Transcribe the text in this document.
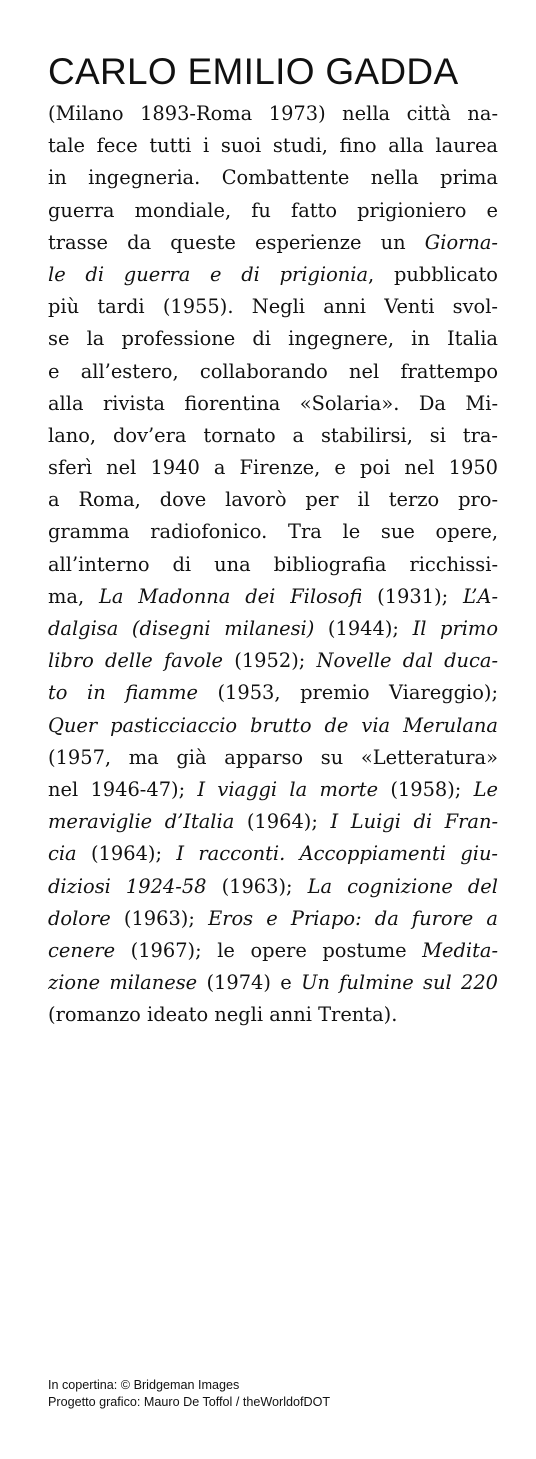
CARLO EMILIO GADDA
(Milano 1893-Roma 1973) nella città na-
tale fece tutti i suoi studi, fino alla laurea
in ingegneria. Combattente nella prima
guerra mondiale, fu fatto prigioniero e
trasse da queste esperienze un Giorna-
le di guerra e di prigionia, pubblicato
più tardi (1955). Negli anni Venti svol-
se la professione di ingegnere, in Italia
e all’estero, collaborando nel frattempo
alla rivista fiorentina «Solaria». Da Mi-
lano, dov’era tornato a stabilirsi, si tra-
sferì nel 1940 a Firenze, e poi nel 1950
a Roma, dove lavorò per il terzo pro-
gramma radiofonico. Tra le sue opere,
all’interno di una bibliografia ricchissi-
ma, La Madonna dei Filosofi (1931); L’A-
dalgisa (disegni milanesi) (1944); Il primo
libro delle favole (1952); Novelle dal duca-
to in fiamme (1953, premio Viareggio);
Quer pasticciaccio brutto de via Merulana
(1957, ma già apparso su «Letteratura»
nel 1946-47); I viaggi la morte (1958); Le
meraviglie d’Italia (1964); I Luigi di Fran-
cia (1964); I racconti. Accoppiamenti giu-
diziosi 1924-58 (1963); La cognizione del
dolore (1963); Eros e Priapo: da furore a
cenere (1967); le opere postume Medita-
zione milanese (1974) e Un fulmine sul 220
(romanzo ideato negli anni Trenta).
In copertina: © Bridgeman Images
Progetto grafico: Mauro De Toffol / theWorldofDOT
